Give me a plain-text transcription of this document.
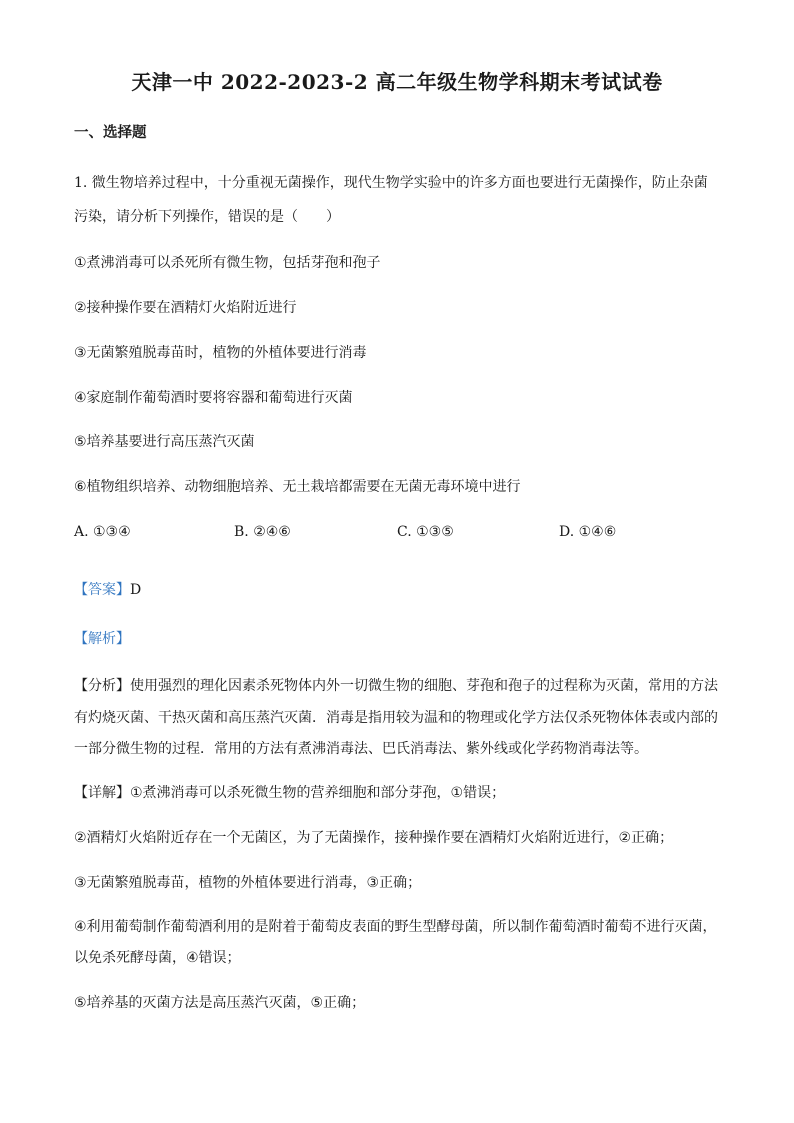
天津一中 2022-2023-2 高二年级生物学科期末考试试卷
一、选择题
1. 微生物培养过程中，十分重视无菌操作，现代生物学实验中的许多方面也要进行无菌操作，防止杂菌
污染，请分析下列操作，错误的是（　　）
①煮沸消毒可以杀死所有微生物，包括芽孢和孢子
②接种操作要在酒精灯火焰附近进行
③无菌繁殖脱毒苗时，植物的外植体要进行消毒
④家庭制作葡萄酒时要将容器和葡萄进行灭菌
⑤培养基要进行高压蒸汽灭菌
⑥植物组织培养、动物细胞培养、无土栽培都需要在无菌无毒环境中进行
A. ①③④	B. ②④⑥	C. ①③⑤	D. ①④⑥
【答案】D
【解析】
【分析】使用强烈的理化因素杀死物体内外一切微生物的细胞、芽孢和孢子的过程称为灭菌，常用的方法
有灼烧灭菌、干热灭菌和高压蒸汽灭菌．消毒是指用较为温和的物理或化学方法仅杀死物体体表或内部的
一部分微生物的过程．常用的方法有煮沸消毒法、巴氏消毒法、紫外线或化学药物消毒法等。
【详解】①煮沸消毒可以杀死微生物的营养细胞和部分芽孢，①错误；
②酒精灯火焰附近存在一个无菌区，为了无菌操作，接种操作要在酒精灯火焰附近进行，②正确；
③无菌繁殖脱毒苗，植物的外植体要进行消毒，③正确；
④利用葡萄制作葡萄酒利用的是附着于葡萄皮表面的野生型酵母菌，所以制作葡萄酒时葡萄不进行灭菌，
以免杀死酵母菌，④错误；
⑤培养基的灭菌方法是高压蒸汽灭菌，⑤正确；
